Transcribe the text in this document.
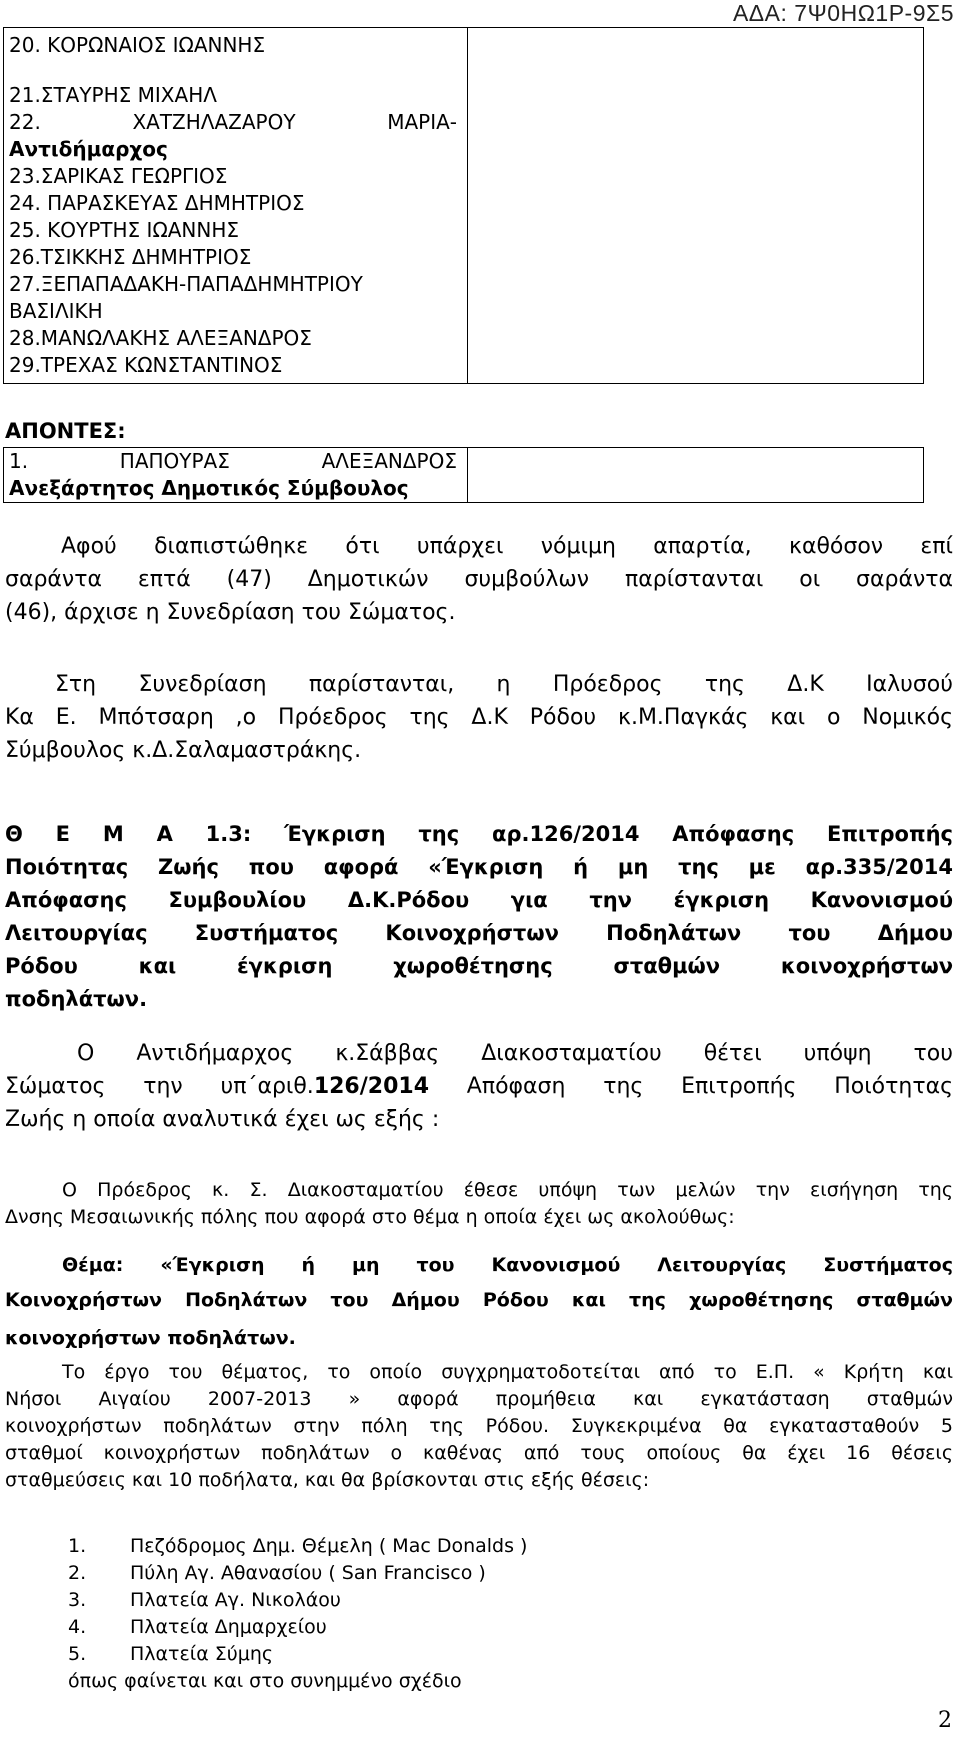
ΑΔΑ: 7Ψ0ΗΩ1Ρ-9Σ5
20. ΚΟΡΩΝΑΙΟΣ ΙΩΑΝΝΗΣ
21.ΣΤΑΥΡΗΣ ΜΙΧΑΗΛ
22.	ΧΑΤΖΗΛΑΖΑΡΟΥ	ΜΑΡΙΑ-
Αντιδήμαρχος
23.ΣΑΡΙΚΑΣ ΓΕΩΡΓΙΟΣ
24. ΠΑΡΑΣΚΕΥΑΣ ΔΗΜΗΤΡΙΟΣ
25. ΚΟΥΡΤΗΣ ΙΩΑΝΝΗΣ
26.ΤΣΙΚΚΗΣ ΔΗΜΗΤΡΙΟΣ
27.ΞΕΠΑΠΑΔΑΚΗ-ΠΑΠΑΔΗΜΗΤΡΙΟΥ
ΒΑΣΙΛΙΚΗ
28.ΜΑΝΩΛΑΚΗΣ ΑΛΕΞΑΝΔΡΟΣ
29.ΤΡΕΧΑΣ ΚΩΝΣΤΑΝΤΙΝΟΣ

ΑΠΟΝΤΕΣ:
1.	ΠΑΠΟΥΡΑΣ	ΑΛΕΞΑΝΔΡΟΣ
Ανεξάρτητος Δημοτικός Σύμβουλος

Αφού διαπιστώθηκε ότι υπάρχει νόμιμη απαρτία, καθόσον επί
σαράντα επτά (47) Δημοτικών συμβούλων παρίστανται οι σαράντα
(46), άρχισε η Συνεδρίαση του Σώματος.
Στη Συνεδρίαση παρίστανται, η Πρόεδρος της Δ.Κ Ιαλυσού
Κα Ε. Μπότσαρη ,ο Πρόεδρος της Δ.Κ Ρόδου κ.Μ.Παγκάς και ο Νομικός
Σύμβουλος κ.Δ.Σαλαμαστράκης.
Θ Ε Μ Α 1.3: Έγκριση της αρ.126/2014 Απόφασης Επιτροπής
Ποιότητας Ζωής που αφορά «Έγκριση ή μη της με αρ.335/2014
Απόφασης Συμβουλίου Δ.Κ.Ρόδου για την έγκριση Κανονισμού
Λειτουργίας Συστήματος Κοινοχρήστων Ποδηλάτων του Δήμου
Ρόδου και έγκριση χωροθέτησης σταθμών κοινοχρήστων
ποδηλάτων.
Ο Αντιδήμαρχος κ.Σάββας Διακοσταματίου θέτει υπόψη του
Σώματος την υπ΄αριθ.126/2014 Απόφαση της Επιτροπής Ποιότητας
Ζωής η οποία αναλυτικά έχει ως εξής :
Ο Πρόεδρος κ. Σ. Διακοσταματίου έθεσε υπόψη των μελών την εισήγηση της
Δνσης Μεσαιωνικής πόλης που αφορά στο θέμα η οποία έχει ως ακολούθως:
Θέμα: «Έγκριση ή μη του Κανονισμού Λειτουργίας Συστήματος
Κοινοχρήστων Ποδηλάτων του Δήμου Ρόδου και της χωροθέτησης σταθμών
κοινοχρήστων ποδηλάτων.
Το έργο του θέματος, το οποίο συγχρηματοδοτείται από το Ε.Π. « Κρήτη και
Νήσοι Αιγαίου 2007-2013 » αφορά προμήθεια και εγκατάσταση σταθμών
κοινοχρήστων ποδηλάτων στην πόλη της Ρόδου. Συγκεκριμένα θα εγκατασταθούν 5
σταθμοί κοινοχρήστων ποδηλάτων ο καθένας από τους οποίους θα έχει 16 θέσεις
σταθμεύσεις και 10 ποδήλατα, και θα βρίσκονται στις εξής θέσεις:
1. Πεζόδρομος Δημ. Θέμελη ( Mac Donalds )
2. Πύλη Αγ. Αθανασίου ( San Francisco )
3. Πλατεία Αγ. Νικολάου
4. Πλατεία Δημαρχείου
5. Πλατεία Σύμης
όπως φαίνεται και στο συνημμένο σχέδιο
2
